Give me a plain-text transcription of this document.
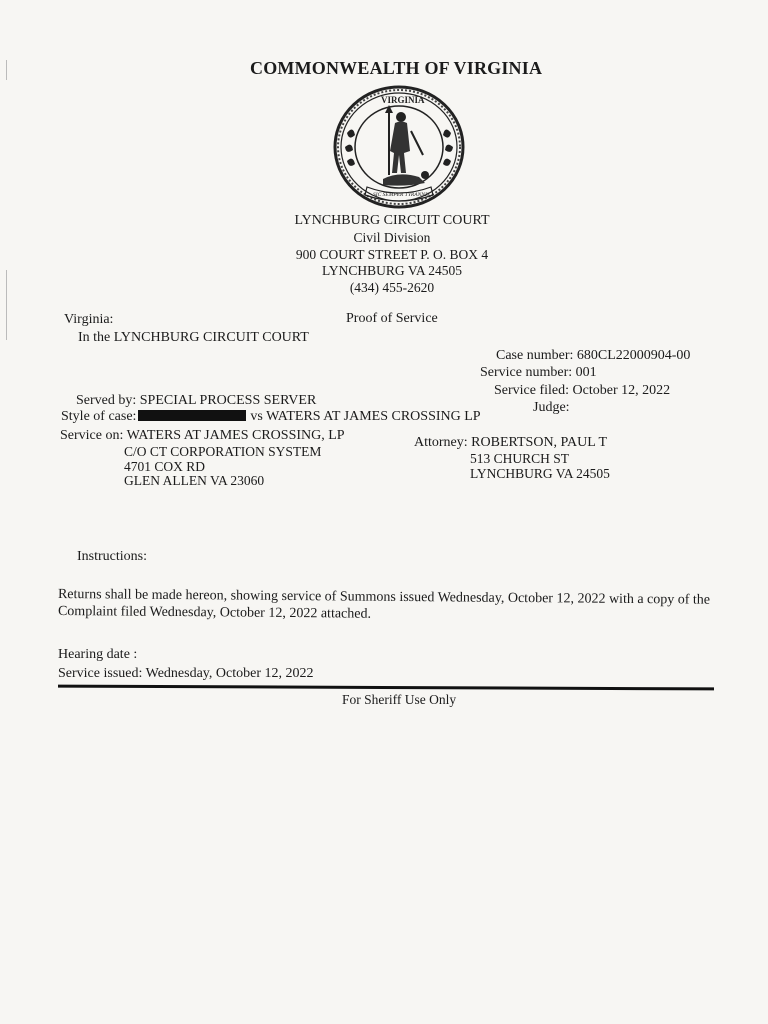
COMMONWEALTH OF VIRGINIA
VIRGINIA
SIC SEMPER TYRANNIS
LYNCHBURG CIRCUIT COURT
Civil Division
900 COURT STREET P. O. BOX 4
LYNCHBURG VA 24505
(434) 455-2620
Virginia:	Proof of Service
In the LYNCHBURG CIRCUIT COURT
Case number: 680CL22000904-00
Service number: 001
Service filed: October 12, 2022
Judge:
Served by: SPECIAL PROCESS SERVER
Style of case:	vs WATERS AT JAMES CROSSING LP
Service on: WATERS AT JAMES CROSSING, LP
C/O CT CORPORATION SYSTEM
4701 COX RD
GLEN ALLEN VA 23060
Attorney: ROBERTSON, PAUL T
513 CHURCH ST
LYNCHBURG VA 24505
Instructions:
Returns shall be made hereon, showing service of Summons issued Wednesday, October 12, 2022 with a copy of the
Complaint filed Wednesday, October 12, 2022 attached.
Hearing date :
Service issued: Wednesday, October 12, 2022
For Sheriff Use Only
